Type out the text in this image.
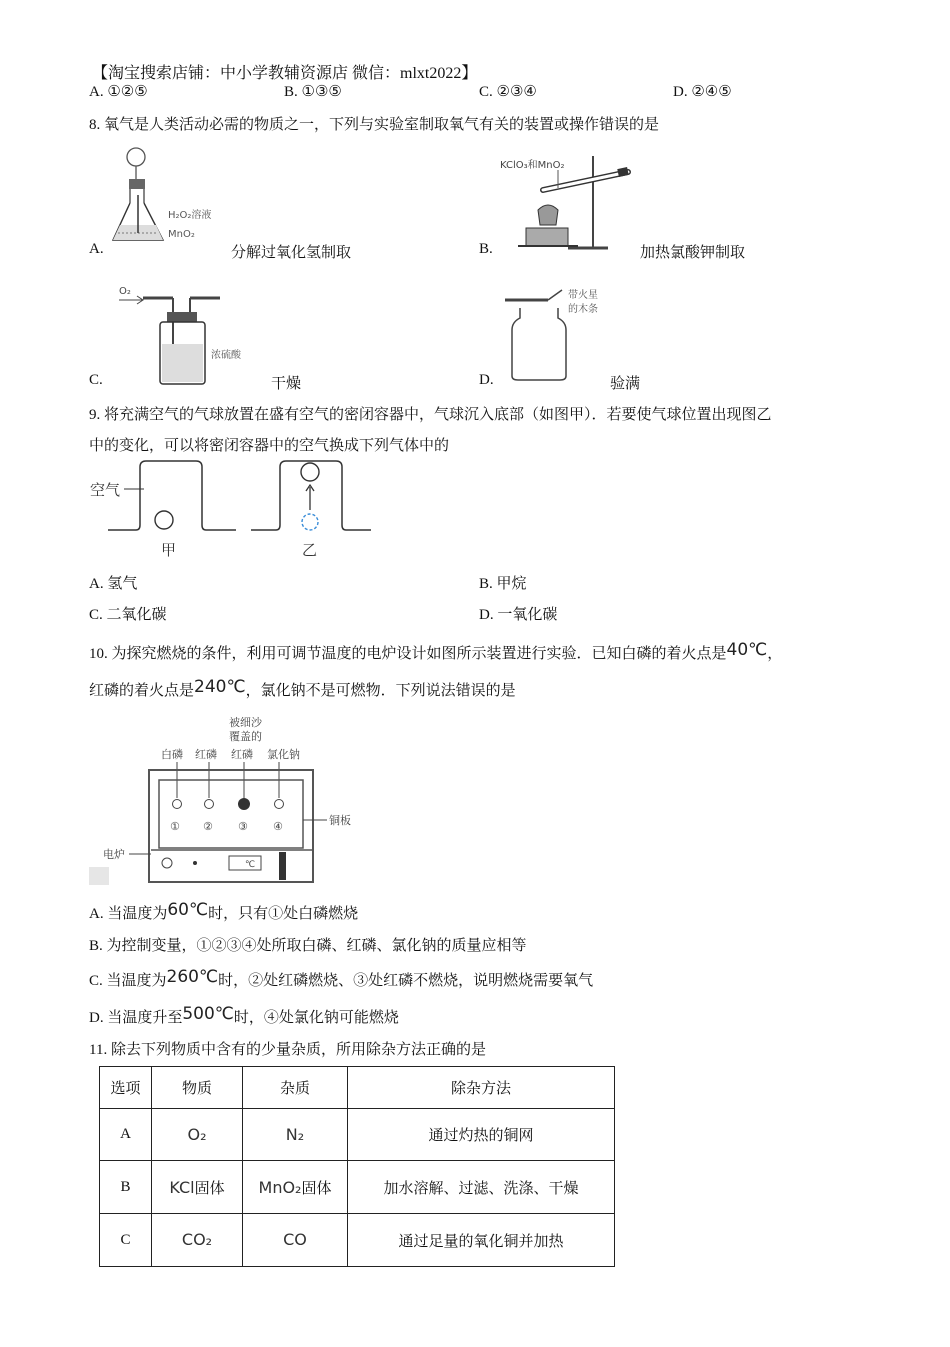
【淘宝搜索店铺：中小学教辅资源店 微信：mlxt2022】
A. ①②⑤	B. ①③⑤	C. ②③④	D. ②④⑤
8. 氧气是人类活动必需的物质之一，下列与实验室制取氧气有关的装置或操作错误的是
H₂O₂溶液
MnO₂
A.	分解过氧化氢制取
KClO₃和MnO₂
B.	加热氯酸钾制取
O₂
浓硫酸
C.	干燥
带火星
的木条
D.	验满
9. 将充满空气的气球放置在盛有空气的密闭容器中，气球沉入底部（如图甲）．若要使气球位置出现图乙
中的变化，可以将密闭容器中的空气换成下列气体中的
空气
甲	乙
A. 氢气	B. 甲烷
C. 二氧化碳	D. 一氧化碳
10. 为探究燃烧的条件，利用可调节温度的电炉设计如图所示装置进行实验．已知白磷的着火点是40℃，
红磷的着火点是240℃，氯化钠不是可燃物．下列说法错误的是
被细沙
覆盖的
白磷 红磷 红磷 氯化钠
① ② ③ ④	铜板
电炉
℃
A. 当温度为60℃时，只有①处白磷燃烧
B. 为控制变量，①②③④处所取白磷、红磷、氯化钠的质量应相等
C. 当温度为260℃时，②处红磷燃烧、③处红磷不燃烧，说明燃烧需要氧气
D. 当温度升至500℃时，④处氯化钠可能燃烧
11. 除去下列物质中含有的少量杂质，所用除杂方法正确的是
选项	物质	杂质	除杂方法
A	O₂	N₂	通过灼热的铜网
B	KCl固体	MnO₂固体	加水溶解、过滤、洗涤、干燥
C	CO₂	CO	通过足量的氧化铜并加热
